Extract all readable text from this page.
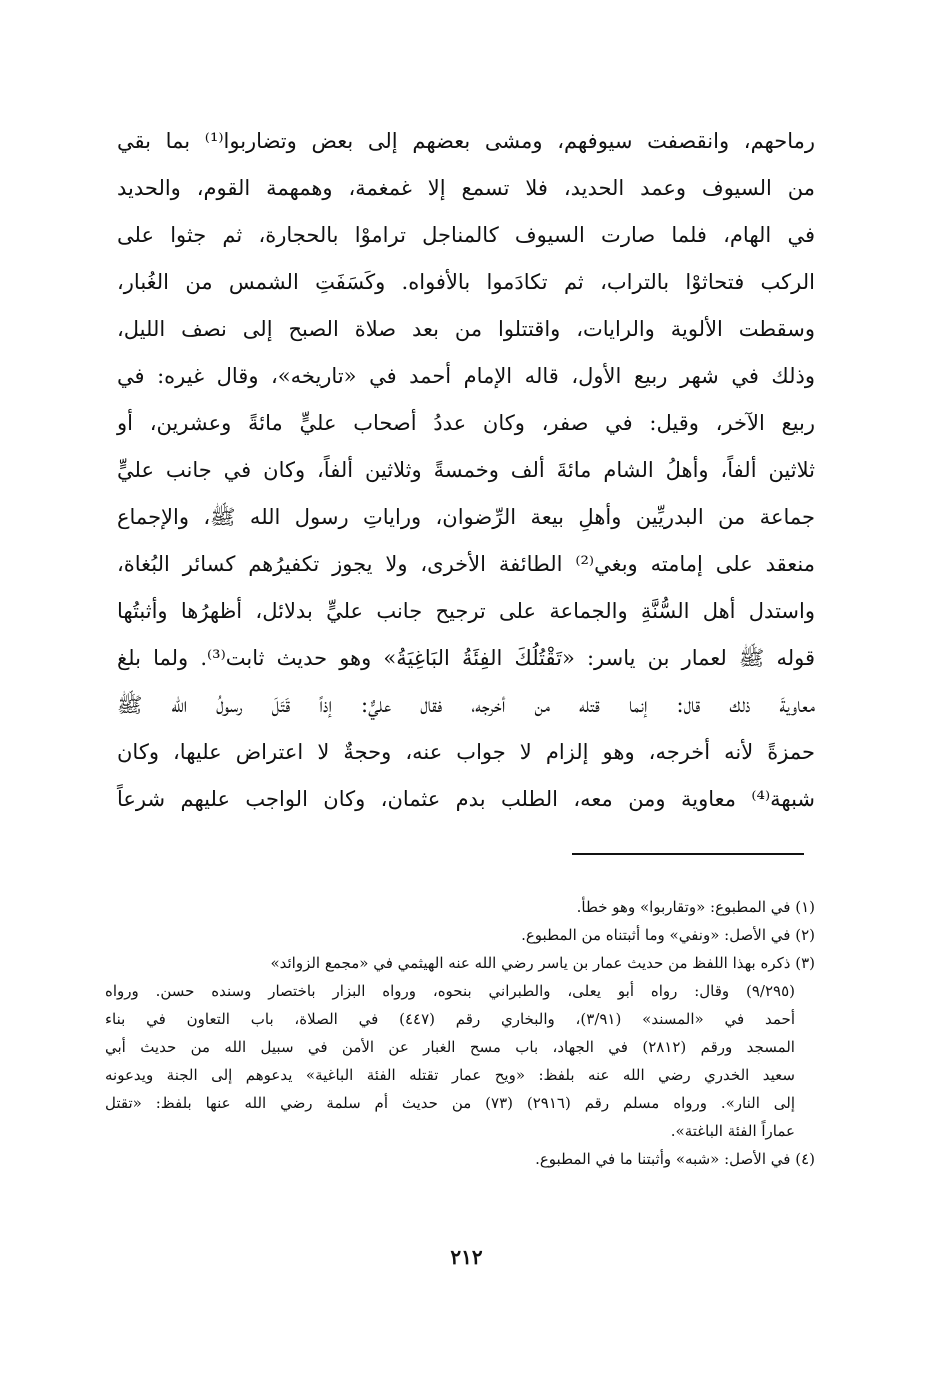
رماحهم، وانقصفت سيوفهم، ومشى بعضهم إلى بعض وتضاربوا⁽¹⁾ بما بقي
من السيوف وعمد الحديد، فلا تسمع إلا غمغمة، وهمهمة القوم، والحديد
في الهام، فلما صارت السيوف كالمناجل تراموْا بالحجارة، ثم جثوا على
الركب فتحاثوْا بالتراب، ثم تكادَموا بالأفواه. وكَسَفَتِ الشمس من الغُبار،
وسقطت الألوية والرايات، واقتتلوا من بعد صلاة الصبح إلى نصف الليل،
وذلك في شهر ربيع الأول، قاله الإمام أحمد في «تاريخه»، وقال غيره: في
ربيع الآخر، وقيل: في صفر، وكان عددُ أصحاب عليٍّ مائةً وعشرين، أو
ثلاثين ألفاً، وأهلُ الشام مائةَ ألف وخمسةً وثلاثين ألفاً، وكان في جانب عليٍّ
جماعة من البدريِّين وأهلِ بيعة الرِّضوان، وراياتِ رسول الله ﷺ، والإجماع
منعقد على إمامته وبغي⁽²⁾ الطائفة الأخرى، ولا يجوز تكفيرُهم كسائر البُغاة،
واستدل أهل السُّنَّةِ والجماعة على ترجيح جانب عليٍّ بدلائل، أظهرُها وأثبتُها
قوله ﷺ لعمار بن ياسر: «تَقْتُلُكَ الفِئَةُ البَاغِيَةُ» وهو حديث ثابت⁽³⁾. ولما بلغ
معاويةَ ذلك قال: إنما قتله من أخرجه، فقال عليٌّ: إذاً قَتَلَ رسولُ الله ﷺ
حمزةً لأنه أخرجه، وهو إلزام لا جواب عنه، وحجةٌ لا اعتراض عليها، وكان
شبهة⁽⁴⁾ معاوية ومن معه، الطلب بدم عثمان، وكان الواجب عليهم شرعاً
(١) في المطبوع: «وتقاربوا» وهو خطأ.
(٢) في الأصل: «ونفي» وما أثبتناه من المطبوع.
(٣) ذكره بهذا اللفظ من حديث عمار بن ياسر رضي الله عنه الهيثمي في «مجمع الزوائد»
(٩/٢٩٥) وقال: رواه أبو يعلى، والطبراني بنحوه، ورواه البزار باختصار وسنده حسن. ورواه
أحمد في «المسند» (٣/٩١)، والبخاري رقم (٤٤٧) في الصلاة، باب التعاون في بناء
المسجد ورقم (٢٨١٢) في الجهاد، باب مسح الغبار عن الأمن في سبيل الله من حديث أبي
سعيد الخدري رضي الله عنه بلفظ: «ويح عمار تقتله الفئة الباغية» يدعوهم إلى الجنة ويدعونه
إلى النار». ورواه مسلم رقم (٢٩١٦) (٧٣) من حديث أم سلمة رضي الله عنها بلفظ: «تقتل
عماراً الفئة الباغتة».
(٤) في الأصل: «شبه» وأثبتنا ما في المطبوع.
٢١٢
